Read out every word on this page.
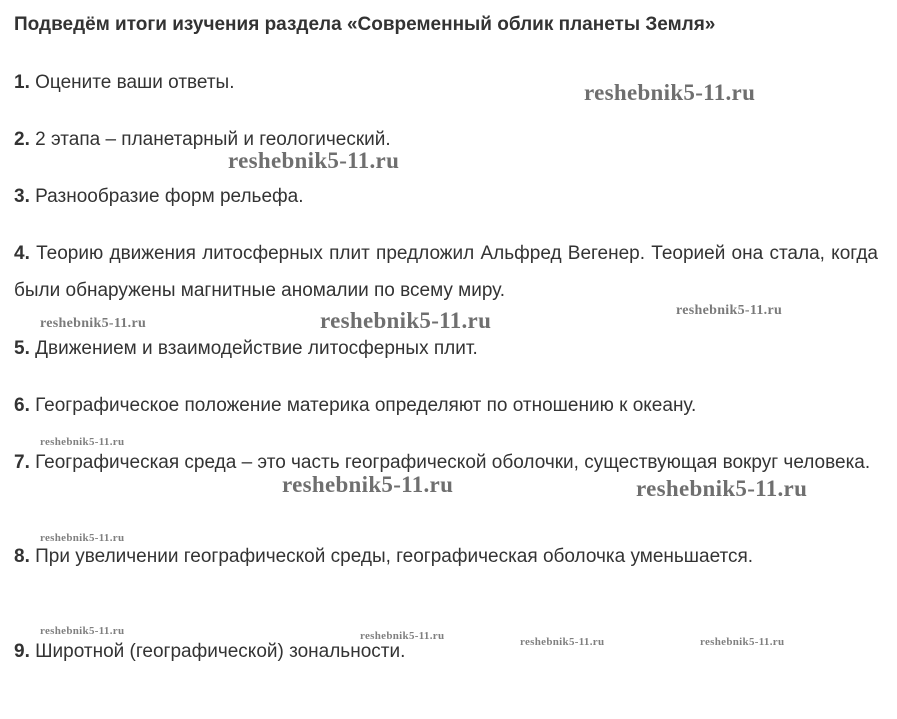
Подведём итоги изучения раздела «Современный облик планеты Земля»

1. Оцените ваши ответы.

2. 2 этапа – планетарный и геологический.

3. Разнообразие форм рельефа.

4. Теорию движения литосферных плит предложил Альфред Вегенер. Теорией она стала, когда были обнаружены магнитные аномалии по всему миру.

5. Движением и взаимодействие литосферных плит.

6. Географическое положение материка определяют по отношению к океану.

7. Географическая среда – это часть географической оболочки, существующая вокруг человека.

8. При увеличении географической среды, географическая оболочка уменьшается.

9. Широтной (географической) зональности.

reshebnik5-11.ru
reshebnik5-11.ru
reshebnik5-11.ru	reshebnik5-11.ru	reshebnik5-11.ru
reshebnik5-11.ru
reshebnik5-11.ru	reshebnik5-11.ru
reshebnik5-11.ru
reshebnik5-11.ru	reshebnik5-11.ru	reshebnik5-11.ru	reshebnik5-11.ru
